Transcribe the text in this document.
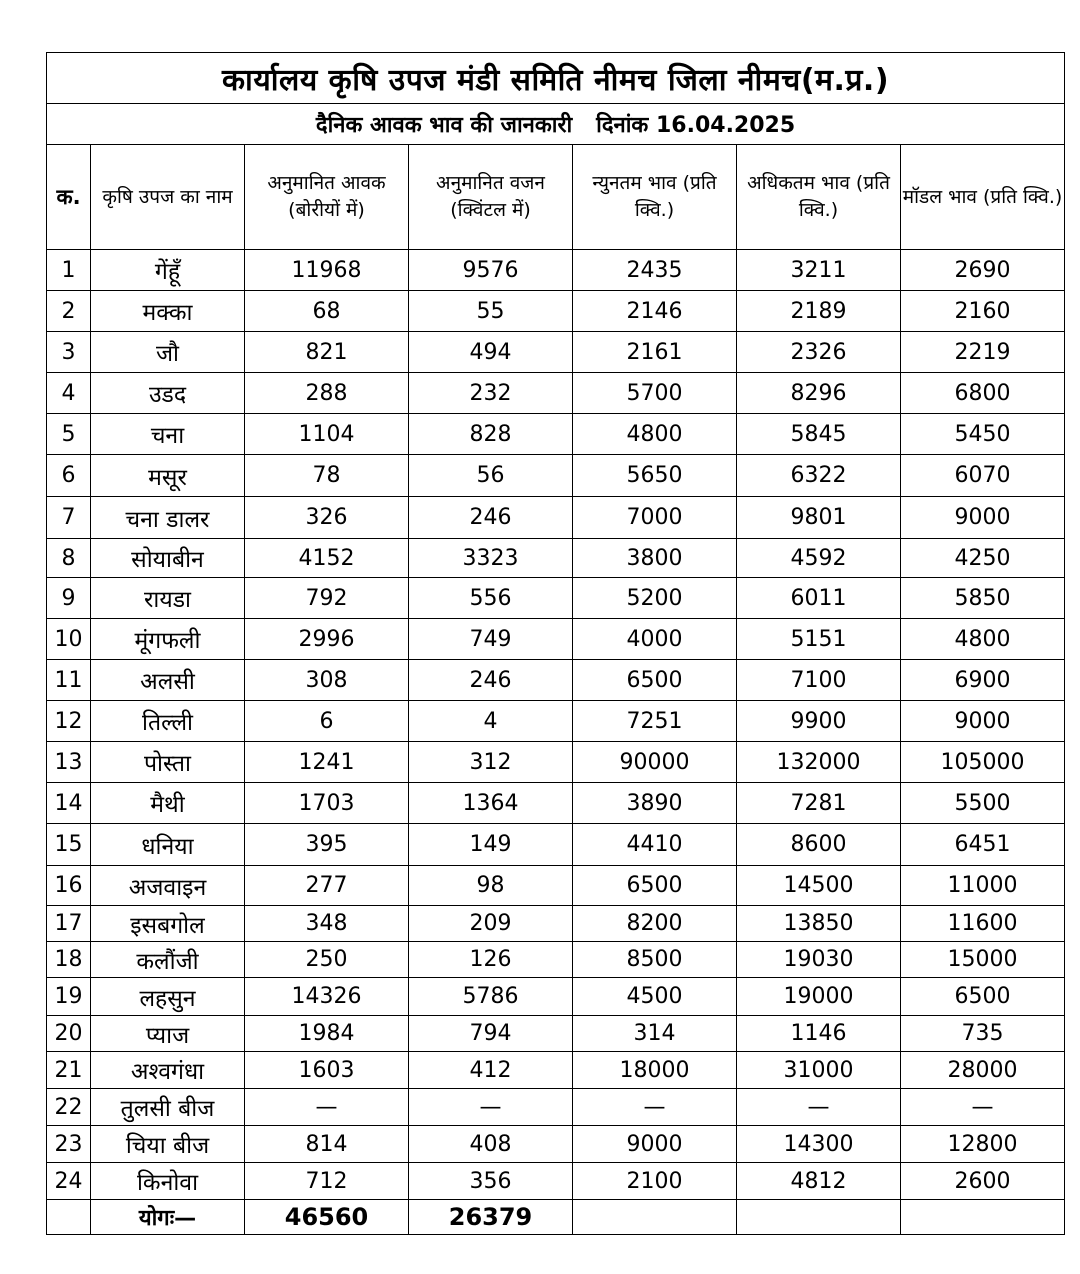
कार्यालय कृषि उपज मंडी समिति नीमच जिला नीमच(म.प्र.)						
दैनिक आवक भाव की जानकारी दिनांक 16.04.2025						
क.	कृषि उपज का नाम	अनुमानित आवक (बोरीयों में)	अनुमानित वजन (क्विंटल में)	न्युनतम भाव (प्रति क्वि.)	अधिकतम भाव (प्रति क्वि.)	मॉडल भाव (प्रति क्वि.)
1	गेंहूँ	11968	9576	2435	3211	2690
2	मक्का	68	55	2146	2189	2160
3	जौ	821	494	2161	2326	2219
4	उडद	288	232	5700	8296	6800
5	चना	1104	828	4800	5845	5450
6	मसूर	78	56	5650	6322	6070
7	चना डालर	326	246	7000	9801	9000
8	सोयाबीन	4152	3323	3800	4592	4250
9	रायडा	792	556	5200	6011	5850
10	मूंगफली	2996	749	4000	5151	4800
11	अलसी	308	246	6500	7100	6900
12	तिल्ली	6	4	7251	9900	9000
13	पोस्ता	1241	312	90000	132000	105000
14	मैथी	1703	1364	3890	7281	5500
15	धनिया	395	149	4410	8600	6451
16	अजवाइन	277	98	6500	14500	11000
17	इसबगोल	348	209	8200	13850	11600
18	कलौंजी	250	126	8500	19030	15000
19	लहसुन	14326	5786	4500	19000	6500
20	प्याज	1984	794	314	1146	735
21	अश्वगंधा	1603	412	18000	31000	28000
22	तुलसी बीज	—	—	—	—	—
23	चिया बीज	814	408	9000	14300	12800
24	किनोवा	712	356	2100	4812	2600
	योगः—	46560	26379			
